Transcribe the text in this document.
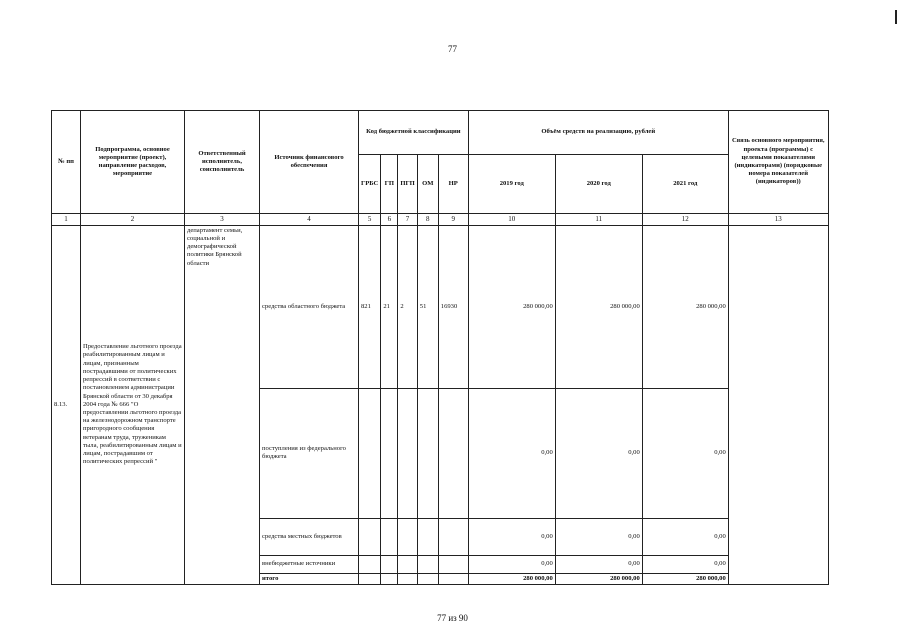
77
№ пп	Подпрограмма, основное мероприятие (проект), направление расходов, мероприятие	Ответственный исполнитель, соисполнитель	Источник финансового обеспечения	Код бюджетной классификации					Объём средств на реализацию, рублей			Связь основного мероприятия, проекта (программы) с целевыми показателями (индикаторами) (порядковые номера показателей (индикаторов))
				ГРБС	ГП	ПГП	ОМ	НР	2019 год	2020 год	2021 год	
1	2	3	4	5	6	7	8	9	10	11	12	13
8.13.	Предоставление льготного проезда реабилитированным лицам и лицам, признанным пострадавшими от политических репрессий в соответствии с постановлением администрации Брянской области от 30 декабря 2004 года № 666 "О предоставлении льготного проезда на железнодорожном транспорте пригородного сообщения ветеранам труда, труженикам тыла, реабилитированным лицам и лицам, пострадавшим от политических репрессий "	департамент семьи, социальной и демографической политики Брянской области	средства областного бюджета	821	21	2	51	16930	280 000,00	280 000,00	280 000,00	
			поступления из федерального бюджета						0,00	0,00	0,00	
			средства местных бюджетов						0,00	0,00	0,00	
			внебюджетные источники						0,00	0,00	0,00	
			итого						280 000,00	280 000,00	280 000,00	
77 из 90
